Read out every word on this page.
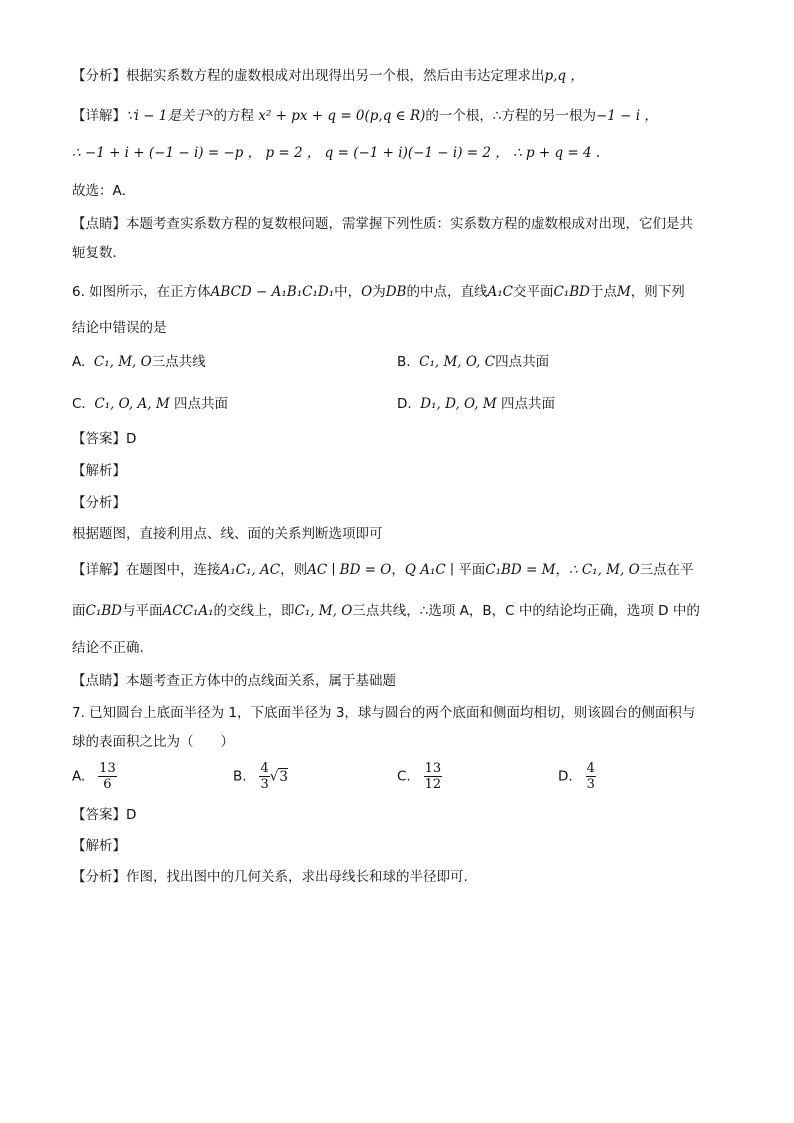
【分析】根据实系数方程的虚数根成对出现得出另一个根，然后由韦达定理求出p,q ，
【详解】∵i − 1是关于$^x$的方程 x² + px + q = 0(p,q ∈ R)的一个根，∴方程的另一根为−1 − i ，
∴ −1 + i + (−1 − i) = −p ， p = 2 ， q = (−1 + i)(−1 − i) = 2 ， ∴ p + q = 4 .
故选：A．
【点睛】本题考查实系数方程的复数根问题，需掌握下列性质：实系数方程的虚数根成对出现，它们是共
轭复数．
6. 如图所示，在正方体ABCD − A₁B₁C₁D₁中，O为DB的中点，直线A₁C交平面C₁BD于点M，则下列
结论中错误的是
A. C₁, M, O三点共线	B. C₁, M, O, C四点共面
C. C₁, O, A, M 四点共面	D. D₁, D, O, M 四点共面
【答案】D
【解析】
【分析】
根据题图，直接利用点、线、面的关系判断选项即可
【详解】在题图中，连接A₁C₁, AC，则AC ∣ BD = O，Q A₁C ∣ 平面C₁BD = M，∴ C₁, M, O三点在平
面C₁BD与平面ACC₁A₁的交线上，即C₁, M, O三点共线，∴选项 A，B，C 中的结论均正确，选项 D 中的
结论不正确.
【点睛】本题考查正方体中的点线面关系，属于基础题
7. 已知圆台上底面半径为 1，下底面半径为 3，球与圆台的两个底面和侧面均相切，则该圆台的侧面积与
球的表面积之比为（　　）
A. $\frac{13}{6}$	B. $\frac{4}{3} √3$	C. $\frac{13}{12}$	D. $\frac{4}{3}$
【答案】D
【解析】
【分析】作图，找出图中的几何关系，求出母线长和球的半径即可.
